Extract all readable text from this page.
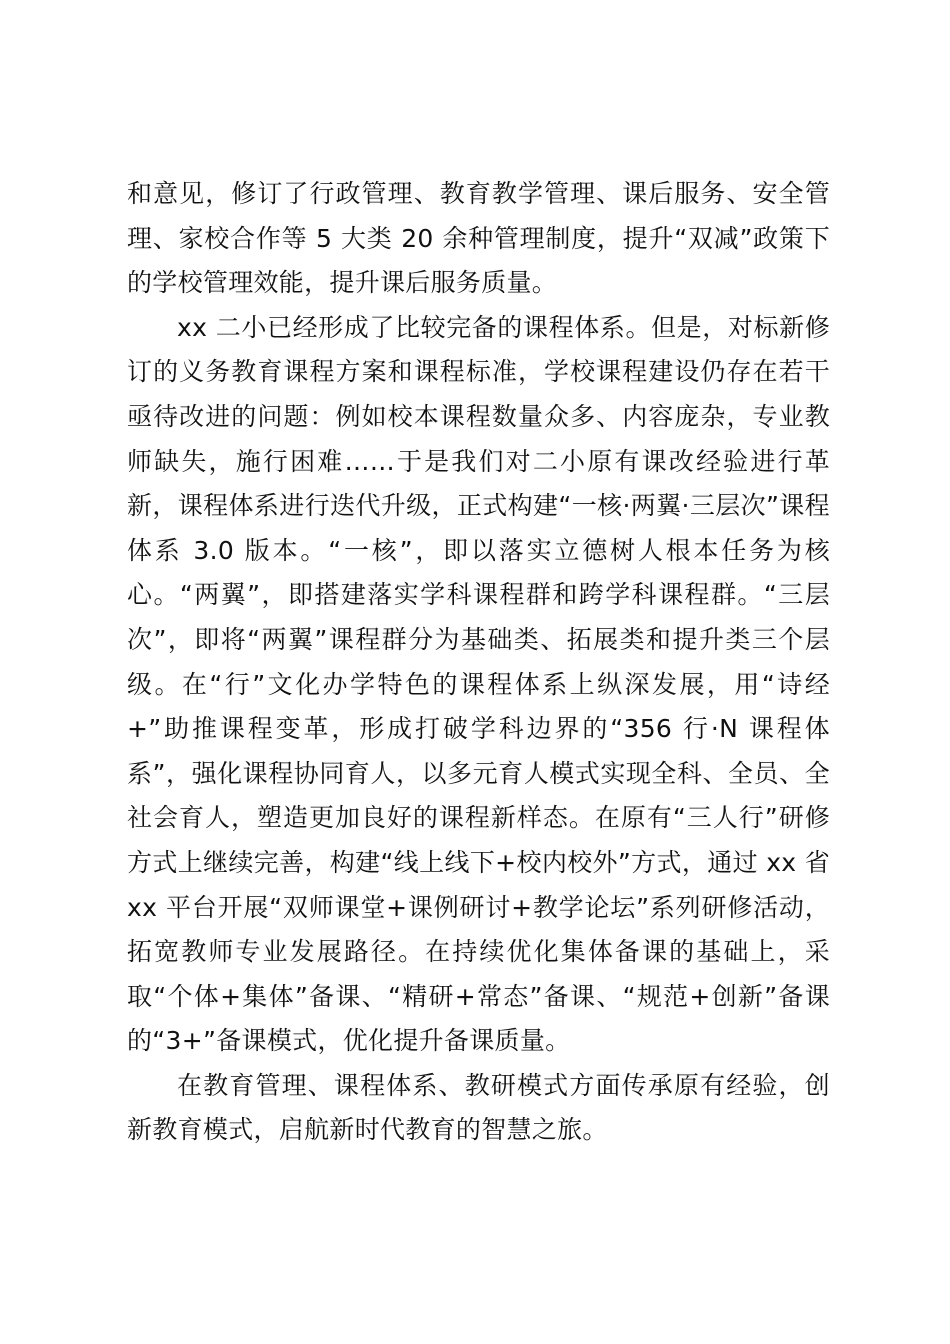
和意见，修订了行政管理、教育教学管理、课后服务、安全管理、家校合作等 5 大类 20 余种管理制度，提升“双减”政策下的学校管理效能，提升课后服务质量。

xx 二小已经形成了比较完备的课程体系。但是，对标新修订的义务教育课程方案和课程标准，学校课程建设仍存在若干亟待改进的问题：例如校本课程数量众多、内容庞杂，专业教师缺失，施行困难……于是我们对二小原有课改经验进行革新，课程体系进行迭代升级，正式构建“一核·两翼·三层次”课程体系 3.0 版本。“一核”，即以落实立德树人根本任务为核心。“两翼”，即搭建落实学科课程群和跨学科课程群。“三层次”，即将“两翼”课程群分为基础类、拓展类和提升类三个层级。在“行”文化办学特色的课程体系上纵深发展，用“诗经+”助推课程变革，形成打破学科边界的“356 行·N 课程体系”，强化课程协同育人，以多元育人模式实现全科、全员、全社会育人，塑造更加良好的课程新样态。在原有“三人行”研修方式上继续完善，构建“线上线下+校内校外”方式，通过 xx 省 xx 平台开展“双师课堂+课例研讨+教学论坛”系列研修活动，拓宽教师专业发展路径。在持续优化集体备课的基础上，采取“个体+集体”备课、“精研+常态”备课、“规范+创新”备课的“3+”备课模式，优化提升备课质量。

在教育管理、课程体系、教研模式方面传承原有经验，创新教育模式，启航新时代教育的智慧之旅。
